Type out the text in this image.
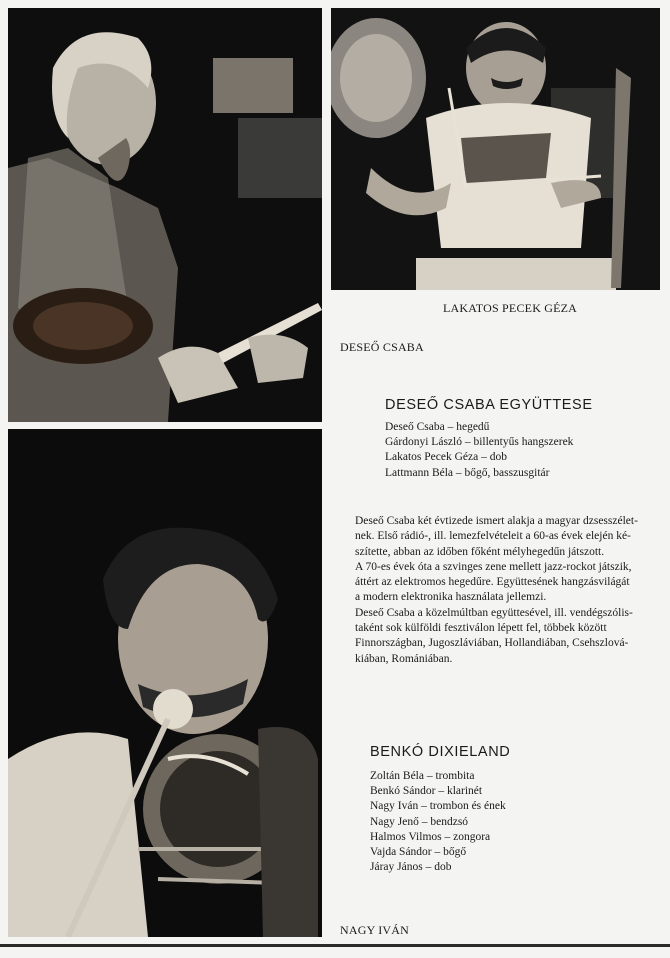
LAKATOS PECEK GÉZA
DESEŐ CSABA
NAGY IVÁN
DESEŐ CSABA EGYÜTTESE
Deseő Csaba – hegedű
Gárdonyi László – billentyűs hangszerek
Lakatos Pecek Géza – dob
Lattmann Béla – bőgő, basszusgitár
Deseő Csaba két évtizede ismert alakja a magyar dzsesszélet-
nek. Első rádió-, ill. lemezfelvételeit a 60-as évek elején ké-
szítette, abban az időben főként mélyhegedűn játszott.
A 70-es évek óta a szvinges zene mellett jazz-rockot játszik,
áttért az elektromos hegedűre. Együttesének hangzásvilágát
a modern elektronika használata jellemzi.
Deseő Csaba a közelmúltban együttesével, ill. vendégszólis-
taként sok külföldi fesztiválon lépett fel, többek között
Finnországban, Jugoszláviában, Hollandiában, Csehszlová-
kiában, Romániában.
BENKÓ DIXIELAND
Zoltán Béla – trombita
Benkó Sándor – klarinét
Nagy Iván – trombon és ének
Nagy Jenő – bendzsó
Halmos Vilmos – zongora
Vajda Sándor – bőgő
Járay János – dob
